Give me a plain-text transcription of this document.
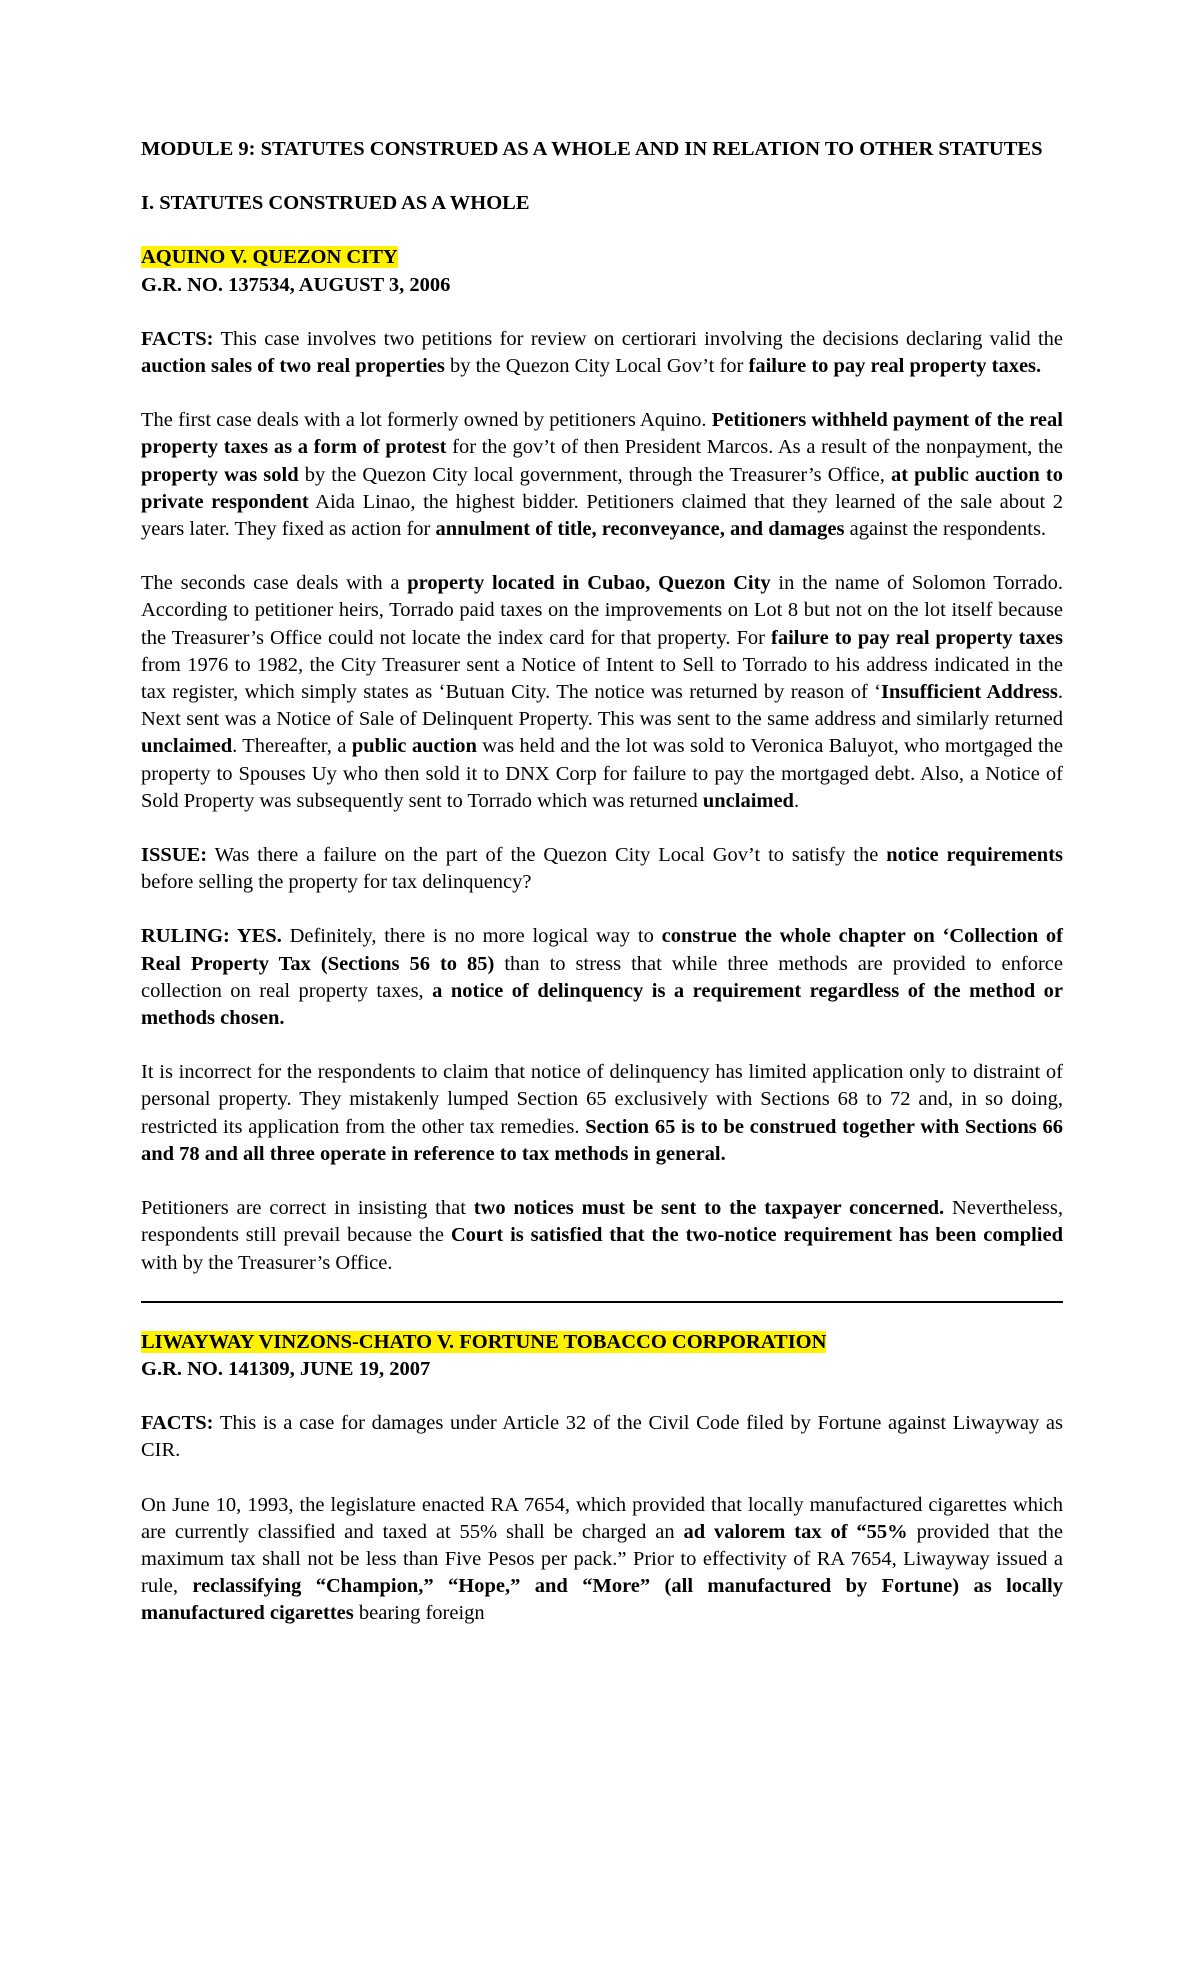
MODULE 9: STATUTES CONSTRUED AS A WHOLE AND IN RELATION TO OTHER STATUTES

I. STATUTES CONSTRUED AS A WHOLE

AQUINO V. QUEZON CITY

G.R. NO. 137534, AUGUST 3, 2006

FACTS: This case involves two petitions for review on certiorari involving the decisions declaring valid the auction sales of two real properties by the Quezon City Local Gov’t for failure to pay real property taxes.

The first case deals with a lot formerly owned by petitioners Aquino. Petitioners withheld payment of the real property taxes as a form of protest for the gov’t of then President Marcos. As a result of the nonpayment, the property was sold by the Quezon City local government, through the Treasurer’s Office, at public auction to private respondent Aida Linao, the highest bidder. Petitioners claimed that they learned of the sale about 2 years later. They fixed as action for annulment of title, reconveyance, and damages against the respondents.

The seconds case deals with a property located in Cubao, Quezon City in the name of Solomon Torrado. According to petitioner heirs, Torrado paid taxes on the improvements on Lot 8 but not on the lot itself because the Treasurer’s Office could not locate the index card for that property. For failure to pay real property taxes from 1976 to 1982, the City Treasurer sent a Notice of Intent to Sell to Torrado to his address indicated in the tax register, which simply states as ‘Butuan City. The notice was returned by reason of ‘Insufficient Address. Next sent was a Notice of Sale of Delinquent Property. This was sent to the same address and similarly returned unclaimed. Thereafter, a public auction was held and the lot was sold to Veronica Baluyot, who mortgaged the property to Spouses Uy who then sold it to DNX Corp for failure to pay the mortgaged debt. Also, a Notice of Sold Property was subsequently sent to Torrado which was returned unclaimed.

ISSUE: Was there a failure on the part of the Quezon City Local Gov’t to satisfy the notice requirements before selling the property for tax delinquency?

RULING: YES. Definitely, there is no more logical way to construe the whole chapter on ‘Collection of Real Property Tax (Sections 56 to 85) than to stress that while three methods are provided to enforce collection on real property taxes, a notice of delinquency is a requirement regardless of the method or methods chosen.

It is incorrect for the respondents to claim that notice of delinquency has limited application only to distraint of personal property. They mistakenly lumped Section 65 exclusively with Sections 68 to 72 and, in so doing, restricted its application from the other tax remedies. Section 65 is to be construed together with Sections 66 and 78 and all three operate in reference to tax methods in general.

Petitioners are correct in insisting that two notices must be sent to the taxpayer concerned. Nevertheless, respondents still prevail because the Court is satisfied that the two-notice requirement has been complied with by the Treasurer’s Office.

LIWAYWAY VINZONS-CHATO V. FORTUNE TOBACCO CORPORATION

G.R. NO. 141309, JUNE 19, 2007

FACTS: This is a case for damages under Article 32 of the Civil Code filed by Fortune against Liwayway as CIR.

On June 10, 1993, the legislature enacted RA 7654, which provided that locally manufactured cigarettes which are currently classified and taxed at 55% shall be charged an ad valorem tax of “55% provided that the maximum tax shall not be less than Five Pesos per pack.” Prior to effectivity of RA 7654, Liwayway issued a rule, reclassifying “Champion,” “Hope,” and “More” (all manufactured by Fortune) as locally manufactured cigarettes bearing foreign
